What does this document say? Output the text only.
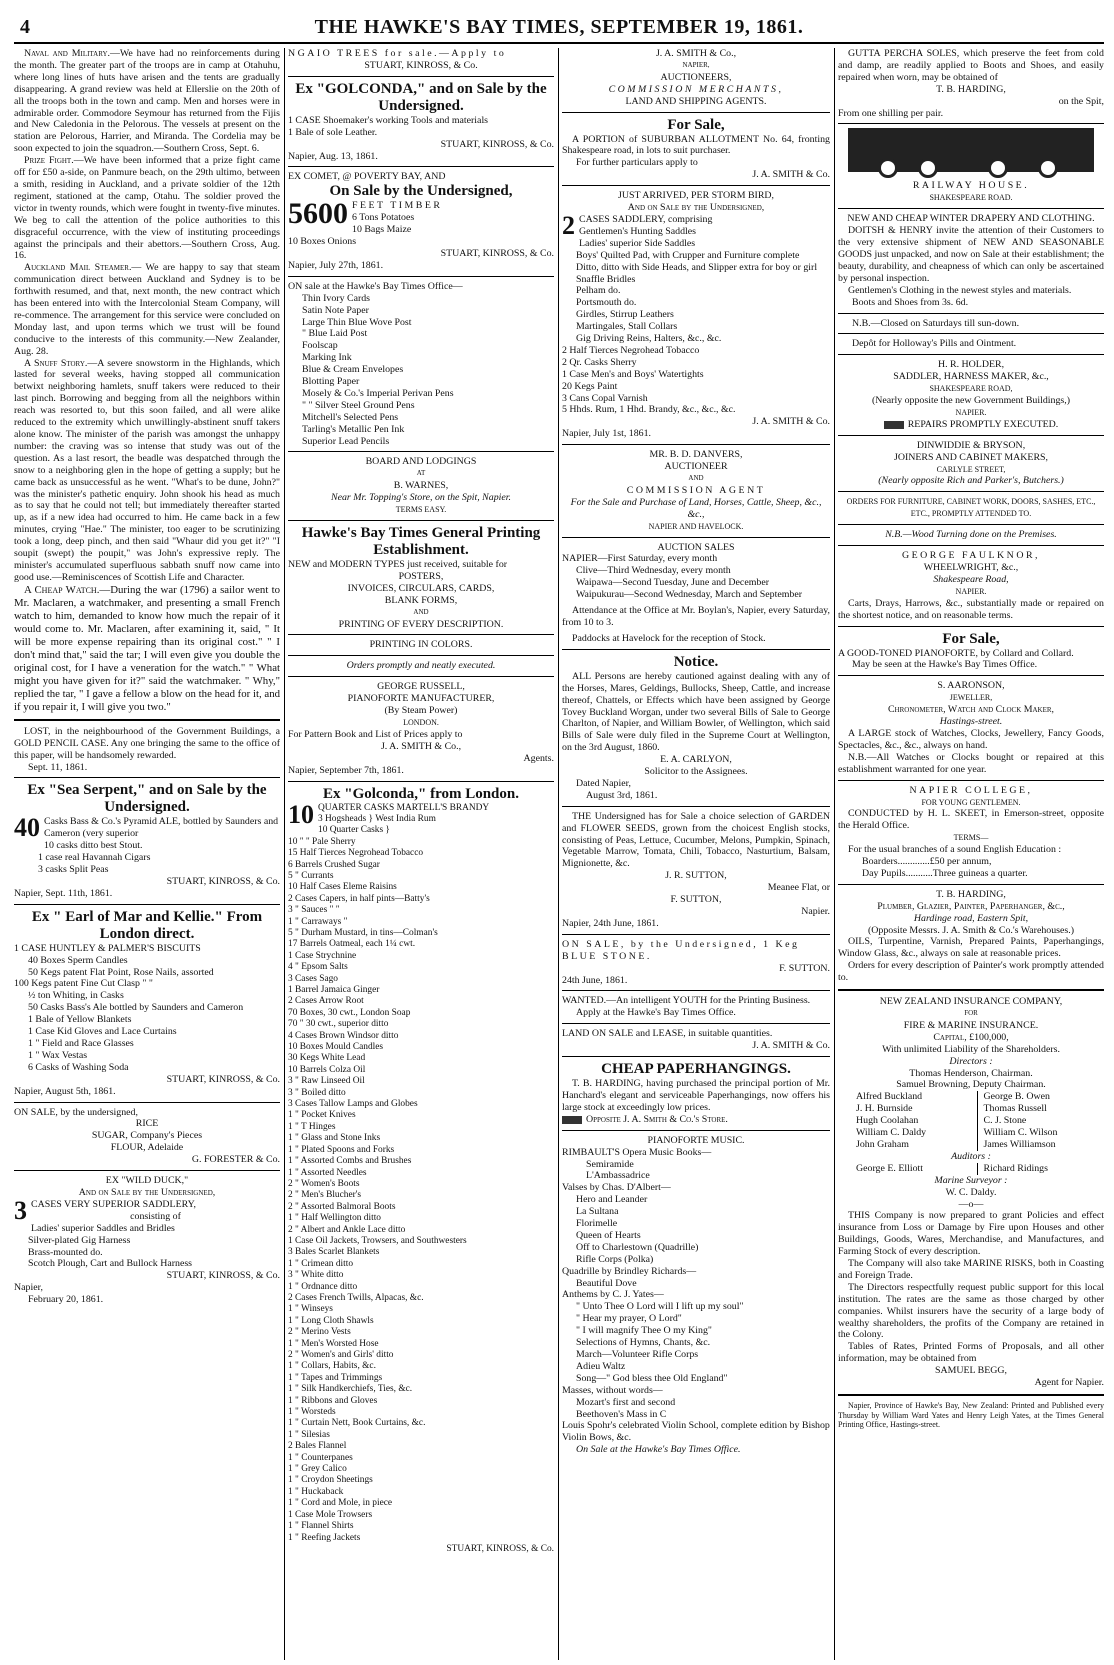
4	THE HAWKE'S BAY TIMES, SEPTEMBER 19, 1861.

Naval and Military.—We have had no reinforcements during the month. The greater part of the troops are in camp at Otahuhu, where long lines of huts have arisen and the tents are gradually disappearing. A grand review was held at Ellerslie on the 20th of all the troops both in the town and camp. Men and horses were in admirable order. Commodore Seymour has returned from the Fijis and New Caledonia in the Pelorous. The vessels at present on the station are Pelorous, Harrier, and Miranda. The Cordelia may be soon expected to join the squadron.—Southern Cross, Sept. 6.

Prize Fight.—We have been informed that a prize fight came off for £50 a-side, on Panmure beach, on the 29th ultimo, between a smith, residing in Auckland, and a private soldier of the 12th regiment, stationed at the camp, Otahu. The soldier proved the victor in twenty rounds, which were fought in twenty-five minutes. We beg to call the attention of the police authorities to this disgraceful occurrence, with the view of instituting proceedings against the principals and their abettors.—Southern Cross, Aug. 16.

Auckland Mail Steamer.— We are happy to say that steam communication direct between Auckland and Sydney is to be forthwith resumed, and that, next month, the new contract which has been entered into with the Intercolonial Steam Company, will re-commence. The arrangement for this service were concluded on Monday last, and upon terms which we trust will be found conducive to the interests of this community.—New Zealander, Aug. 28.

A Snuff Story.—A severe snowstorm in the Highlands, which lasted for several weeks, having stopped all communication betwixt neighboring hamlets, snuff takers were reduced to their last pinch. Borrowing and begging from all the neighbors within reach was resorted to, but this soon failed, and all were alike reduced to the extremity which unwillingly-abstinent snuff takers alone know. The minister of the parish was amongst the unhappy number: the craving was so intense that study was out of the question. As a last resort, the beadle was despatched through the snow to a neighboring glen in the hope of getting a supply; but he came back as unsuccessful as he went. "What's to be dune, John?" was the minister's pathetic enquiry. John shook his head as much as to say that he could not tell; but immediately thereafter started up, as if a new idea had occurred to him. He came back in a few minutes, crying "Hae." The minister, too eager to be scrutinizing took a long, deep pinch, and then said "Whaur did you get it?" "I soupit (swept) the poupit," was John's expressive reply. The minister's accumulated superfluous sabbath snuff now came into good use.—Reminiscences of Scottish Life and Character.

A Cheap Watch.—During the war (1796) a sailor went to Mr. Maclaren, a watchmaker, and presenting a small French watch to him, demanded to know how much the repair of it would come to. Mr. Maclaren, after examining it, said, " It will be more expense repairing than its original cost." " I don't mind that," said the tar; I will even give you double the original cost, for I have a veneration for the watch." " What might you have given for it?" said the watchmaker. " Why," replied the tar, " I gave a fellow a blow on the head for it, and if you repair it, I will give you two."

LOST, in the neighbourhood of the Government Buildings, a GOLD PENCIL CASE. Any one bringing the same to the office of this paper, will be handsomely rewarded.

Sept. 11, 1861.

Ex "Sea Serpent," and on Sale by the Undersigned.
40 Casks Bass & Co.'s Pyramid ALE, bottled by Saunders and Cameron (very superior

10 casks ditto best Stout.

1 case real Havannah Cigars

3 casks Split Peas

STUART, KINROSS, & Co.

Napier, Sept. 11th, 1861.

Ex " Earl of Mar and Kellie." From London direct.

1 CASE HUNTLEY & PALMER'S BISCUITS

40 Boxes Sperm Candles

50 Kegs patent Flat Point, Rose Nails, assorted

100 Kegs patent Fine Cut Clasp " "

½ ton Whiting, in Casks

50 Casks Bass's Ale bottled by Saunders and Cameron

1 Bale of Yellow Blankets

1 Case Kid Gloves and Lace Curtains

1 " Field and Race Glasses

1 " Wax Vestas

6 Casks of Washing Soda

STUART, KINROSS, & Co.

Napier, August 5th, 1861.

ON SALE, by the undersigned,

RICE

SUGAR, Company's Pieces

FLOUR, Adelaide

G. FORESTER & Co.

EX "WILD DUCK,"

And on Sale by the Undersigned,

3 CASES VERY SUPERIOR SADDLERY,

consisting of

Ladies' superior Saddles and Bridles

Silver-plated Gig Harness

Brass-mounted do.

Scotch Plough, Cart and Bullock Harness

STUART, KINROSS, & Co.

Napier,

February 20, 1861.

NGAIO TREES for sale.—Apply to

STUART, KINROSS, & Co.

Ex "GOLCONDA," and on Sale by the Undersigned.

1 CASE Shoemaker's working Tools and materials

1 Bale of sole Leather.

STUART, KINROSS, & Co.

Napier, Aug. 13, 1861.

EX COMET, @ POVERTY BAY, AND

On Sale by the Undersigned,
5600 FEET TIMBER

6 Tons Potatoes

10 Bags Maize

10 Boxes Onions

STUART, KINROSS, & Co.

Napier, July 27th, 1861.

ON sale at the Hawke's Bay Times Office—

Thin Ivory Cards

Satin Note Paper

Large Thin Blue Wove Post

" Blue Laid Post

Foolscap

Marking Ink

Blue & Cream Envelopes

Blotting Paper

Mosely & Co.'s Imperial Perivan Pens

" " Silver Steel Ground Pens

Mitchell's Selected Pens

Tarling's Metallic Pen Ink

Superior Lead Pencils

BOARD AND LODGINGS

AT

B. WARNES,

Near Mr. Topping's Store, on the Spit, Napier.

TERMS EASY.

Hawke's Bay Times General Printing Establishment.

NEW and MODERN TYPES just received, suitable for

POSTERS,

INVOICES, CIRCULARS, CARDS,

BLANK FORMS,

AND

PRINTING OF EVERY DESCRIPTION.

PRINTING IN COLORS.

Orders promptly and neatly executed.

GEORGE RUSSELL,

PIANOFORTE MANUFACTURER,

(By Steam Power)

LONDON.

For Pattern Book and List of Prices apply to

J. A. SMITH & Co.,

Agents.

Napier, September 7th, 1861.

Ex "Golconda," from London.
10 QUARTER CASKS MARTELL'S BRANDY

3 Hogsheads } West India Rum

10 Quarter Casks }

10 " " Pale Sherry

15 Half Tierces Negrohead Tobacco

6 Barrels Crushed Sugar

5 " Currants

10 Half Cases Eleme Raisins

2 Cases Capers, in half pints—Batty's

3 " Sauces " "

1 " Carraways "

5 " Durham Mustard, in tins—Colman's

17 Barrels Oatmeal, each 1¼ cwt.

1 Case Strychnine

4 " Epsom Salts

3 Cases Sago

1 Barrel Jamaica Ginger

2 Cases Arrow Root

70 Boxes, 30 cwt., London Soap

70 " 30 cwt., superior ditto

4 Cases Brown Windsor ditto

10 Boxes Mould Candles

30 Kegs White Lead

10 Barrels Colza Oil

3 " Raw Linseed Oil

3 " Boiled ditto

3 Cases Tallow Lamps and Globes

1 " Pocket Knives

1 " T Hinges

1 " Glass and Stone Inks

1 " Plated Spoons and Forks

1 " Assorted Combs and Brushes

1 " Assorted Needles

2 " Women's Boots

2 " Men's Blucher's

2 " Assorted Balmoral Boots

1 " Half Wellington ditto

2 " Albert and Ankle Lace ditto

1 Case Oil Jackets, Trowsers, and Southwesters

3 Bales Scarlet Blankets

1 " Crimean ditto

3 " White ditto

1 " Ordnance ditto

2 Cases French Twills, Alpacas, &c.

1 " Winseys

1 " Long Cloth Shawls

2 " Merino Vests

1 " Men's Worsted Hose

2 " Women's and Girls' ditto

1 " Collars, Habits, &c.

1 " Tapes and Trimmings

1 " Silk Handkerchiefs, Ties, &c.

1 " Ribbons and Gloves

1 " Worsteds

1 " Curtain Nett, Book Curtains, &c.

1 " Silesias

2 Bales Flannel

1 " Counterpanes

1 " Grey Calico

1 " Croydon Sheetings

1 " Huckaback

1 " Cord and Mole, in piece

1 Case Mole Trowsers

1 " Flannel Shirts

1 " Reefing Jackets

STUART, KINROSS, & Co.

J. A. SMITH & Co.,

NAPIER,

AUCTIONEERS,

COMMISSION MERCHANTS,

LAND AND SHIPPING AGENTS.

For Sale,

A PORTION of SUBURBAN ALLOTMENT No. 64, fronting Shakespeare road, in lots to suit purchaser.

For further particulars apply to

J. A. SMITH & Co.

JUST ARRIVED, PER STORM BIRD,

And on Sale by the Undersigned,

2 CASES SADDLERY, comprising

Gentlemen's Hunting Saddles

Ladies' superior Side Saddles

Boys' Quilted Pad, with Crupper and Furniture complete

Ditto, ditto with Side Heads, and Slipper extra for boy or girl

Snaffle Bridles

Pelham do.

Portsmouth do.

Girdles, Stirrup Leathers

Martingales, Stall Collars

Gig Driving Reins, Halters, &c., &c.

2 Half Tierces Negrohead Tobacco

2 Qr. Casks Sherry

1 Case Men's and Boys' Watertights

20 Kegs Paint

3 Cans Copal Varnish

5 Hhds. Rum, 1 Hhd. Brandy, &c., &c., &c.

J. A. SMITH & Co.

Napier, July 1st, 1861.

MR. B. D. DANVERS,

AUCTIONEER

AND

COMMISSION AGENT

For the Sale and Purchase of Land, Horses, Cattle, Sheep, &c., &c.,

NAPIER AND HAVELOCK.

AUCTION SALES

NAPIER—First Saturday, every month

Clive—Third Wednesday, every month

Waipawa—Second Tuesday, June and December

Waipukurau—Second Wednesday, March and September

Attendance at the Office at Mr. Boylan's, Napier, every Saturday, from 10 to 3.

Paddocks at Havelock for the reception of Stock.

Notice.

ALL Persons are hereby cautioned against dealing with any of the Horses, Mares, Geldings, Bullocks, Sheep, Cattle, and increase thereof, Chattels, or Effects which have been assigned by George Tovey Buckland Worgan, under two several Bills of Sale to George Charlton, of Napier, and William Bowler, of Wellington, which said Bills of Sale were duly filed in the Supreme Court at Wellington, on the 3rd August, 1860.

E. A. CARLYON,

Solicitor to the Assignees.

Dated Napier,

August 3rd, 1861.

THE Undersigned has for Sale a choice selection of GARDEN and FLOWER SEEDS, grown from the choicest English stocks, consisting of Peas, Lettuce, Cucumber, Melons, Pumpkin, Spinach, Vegetable Marrow, Tomata, Chili, Tobacco, Nasturtium, Balsam, Mignionette, &c.

J. R. SUTTON,

Meanee Flat, or

F. SUTTON,

Napier.

Napier, 24th June, 1861.

ON SALE, by the Undersigned, 1 Keg BLUE STONE.

F. SUTTON.

24th June, 1861.

WANTED.—An intelligent YOUTH for the Printing Business.

Apply at the Hawke's Bay Times Office.

LAND ON SALE and LEASE, in suitable quantities.

J. A. SMITH & Co.

CHEAP PAPERHANGINGS.

T. B. HARDING, having purchased the principal portion of Mr. Hanchard's elegant and serviceable Paperhangings, now offers his large stock at exceedingly low prices.

Opposite J. A. Smith & Co.'s Store.

PIANOFORTE MUSIC.

RIMBAULT'S Opera Music Books—

Semiramide

L'Ambassadrice

Valses by Chas. D'Albert—

Hero and Leander

La Sultana

Florimelle

Queen of Hearts

Off to Charlestown (Quadrille)

Rifle Corps (Polka)

Quadrille by Brindley Richards—

Beautiful Dove

Anthems by C. J. Yates—

" Unto Thee O Lord will I lift up my soul"

" Hear my prayer, O Lord"

" I will magnify Thee O my King"

Selections of Hymns, Chants, &c.

March—Volunteer Rifle Corps

Adieu Waltz

Song—" God bless thee Old England"

Masses, without words—

Mozart's first and second

Beethoven's Mass in C

Louis Spohr's celebrated Violin School, complete edition by Bishop

Violin Bows, &c.

On Sale at the Hawke's Bay Times Office.

GUTTA PERCHA SOLES, which preserve the feet from cold and damp, are readily applied to Boots and Shoes, and easily repaired when worn, may be obtained of

T. B. HARDING,

on the Spit,

From one shilling per pair.

RAILWAY HOUSE.

SHAKESPEARE ROAD.

NEW AND CHEAP WINTER DRAPERY AND CLOTHING.

DOITSH & HENRY invite the attention of their Customers to the very extensive shipment of NEW AND SEASONABLE GOODS just unpacked, and now on Sale at their establishment; the beauty, durability, and cheapness of which can only be ascertained by personal inspection.

Gentlemen's Clothing in the newest styles and materials.

Boots and Shoes from 3s. 6d.

N.B.—Closed on Saturdays till sun-down.

Depôt for Holloway's Pills and Ointment.

H. R. HOLDER,

SADDLER, HARNESS MAKER, &c.,

SHAKESPEARE ROAD,

(Nearly opposite the new Government Buildings,)

NAPIER.

REPAIRS PROMPTLY EXECUTED.

DINWIDDIE & BRYSON,

JOINERS AND CABINET MAKERS,

CARLYLE STREET,

(Nearly opposite Rich and Parker's, Butchers.)

ORDERS FOR FURNITURE, CABINET WORK, DOORS, SASHES, ETC., ETC., PROMPTLY ATTENDED TO.

N.B.—Wood Turning done on the Premises.

GEORGE FAULKNOR,

WHEELWRIGHT, &c.,

Shakespeare Road,

NAPIER.

Carts, Drays, Harrows, &c., substantially made or repaired on the shortest notice, and on reasonable terms.

For Sale,

A GOOD-TONED PIANOFORTE, by Collard and Collard.

May be seen at the Hawke's Bay Times Office.

S. AARONSON,

JEWELLER,

Chronometer, Watch and Clock Maker,

Hastings-street.

A LARGE stock of Watches, Clocks, Jewellery, Fancy Goods, Spectacles, &c., &c., always on hand.

N.B.—All Watches or Clocks bought or repaired at this establishment warranted for one year.

NAPIER COLLEGE,

FOR YOUNG GENTLEMEN.

CONDUCTED by H. L. SKEET, in Emerson-street, opposite the Herald Office.

TERMS—

For the usual branches of a sound English Education :

Boarders.............£50 per annum,

Day Pupils...........Three guineas a quarter.

T. B. HARDING,

Plumber, Glazier, Painter, Paperhanger, &c.,

Hardinge road, Eastern Spit,

(Opposite Messrs. J. A. Smith & Co.'s Warehouses.)

OILS, Turpentine, Varnish, Prepared Paints, Paperhangings, Window Glass, &c., always on sale at reasonable prices.

Orders for every description of Painter's work promptly attended to.

NEW ZEALAND INSURANCE COMPANY,

FOR

FIRE & MARINE INSURANCE.

Capital, £100,000,

With unlimited Liability of the Shareholders.

Directors :

Thomas Henderson, Chairman.

Samuel Browning, Deputy Chairman.

Alfred Buckland

J. H. Burnside

Hugh Coolahan

William C. Daldy

John Graham

George B. Owen

Thomas Russell

C. J. Stone

William C. Wilson

James Williamson

Auditors :

George E. Elliott	Richard Ridings

Marine Surveyor :

W. C. Daldy.

—o—

THIS Company is now prepared to grant Policies and effect insurance from Loss or Damage by Fire upon Houses and other Buildings, Goods, Wares, Merchandise, and Manufactures, and Farming Stock of every description.

The Company will also take MARINE RISKS, both in Coasting and Foreign Trade.

The Directors respectfully request public support for this local institution. The rates are the same as those charged by other companies. Whilst insurers have the security of a large body of wealthy shareholders, the profits of the Company are retained in the Colony.

Tables of Rates, Printed Forms of Proposals, and all other information, may be obtained from

SAMUEL BEGG,

Agent for Napier.

Napier, Province of Hawke's Bay, New Zealand: Printed and Published every Thursday by William Ward Yates and Henry Leigh Yates, at the Times General Printing Office, Hastings-street.
